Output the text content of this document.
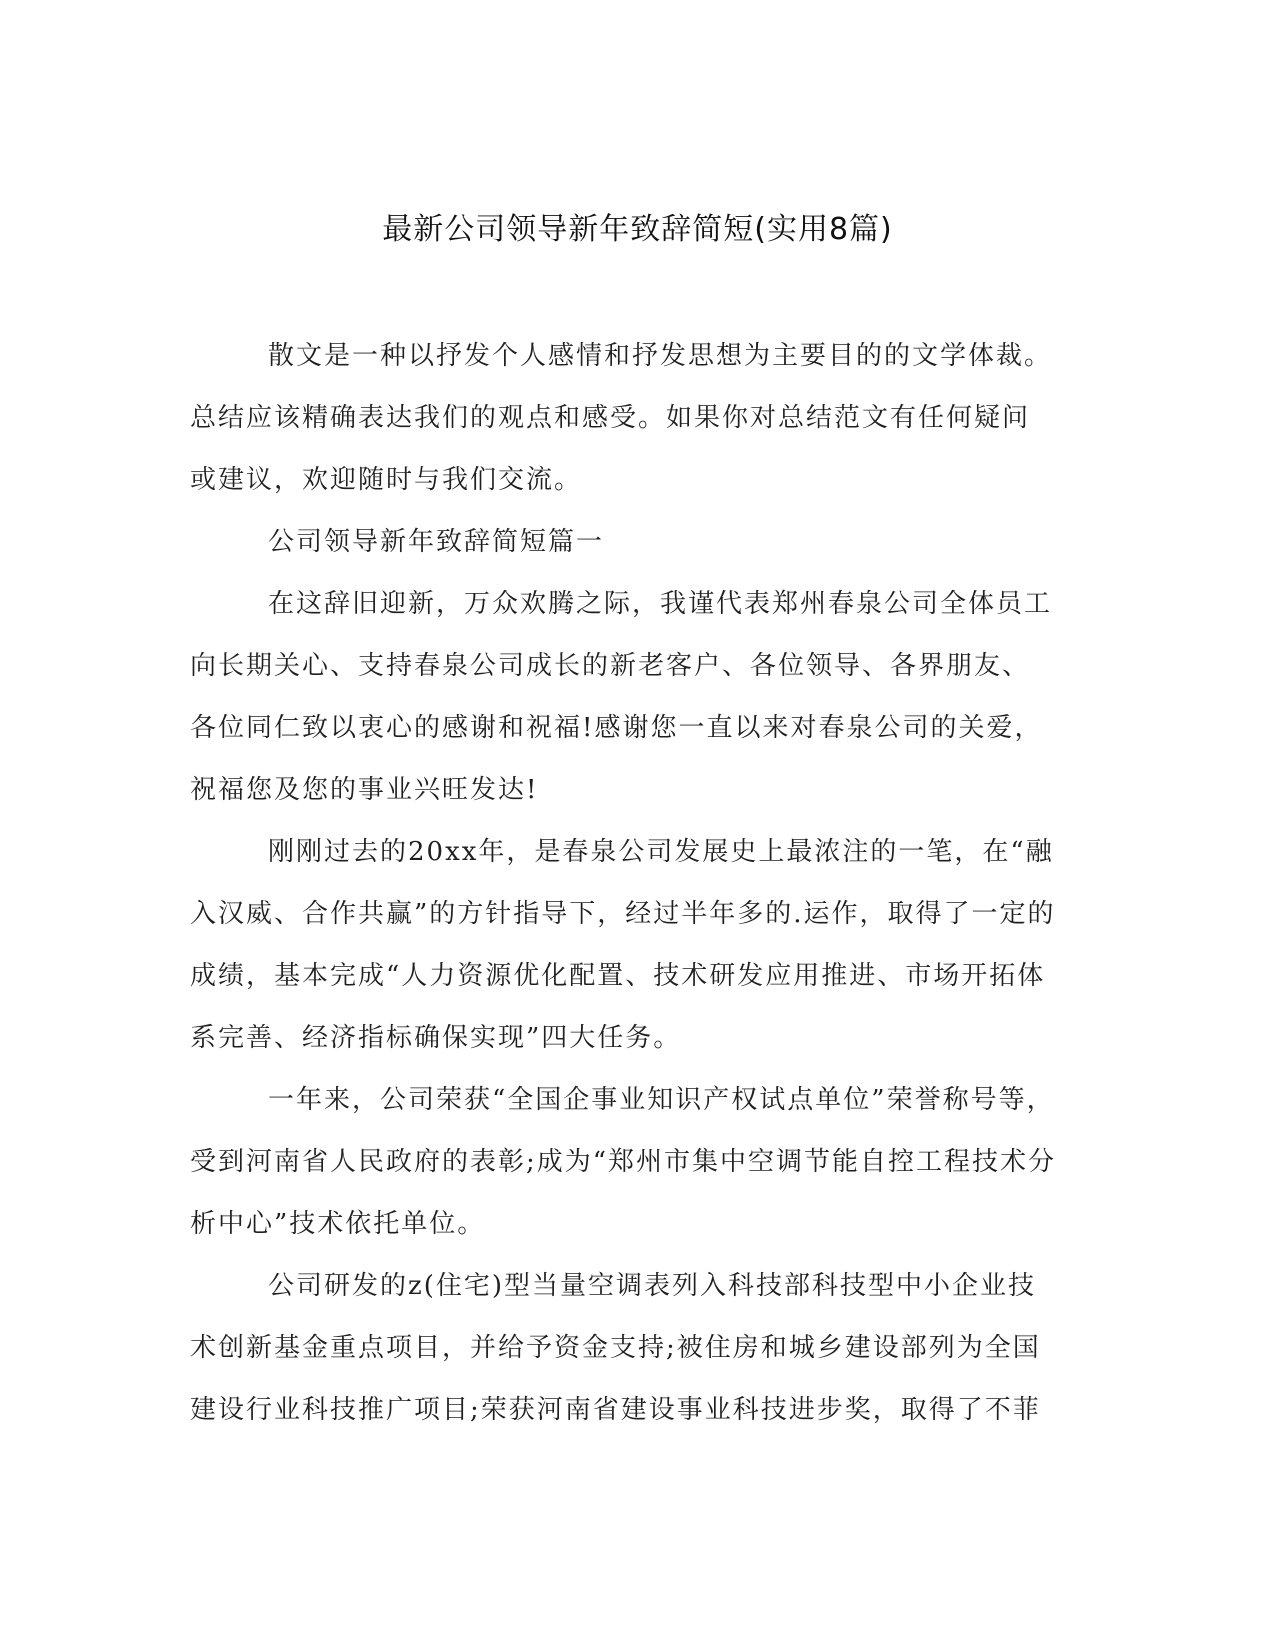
最新公司领导新年致辞简短(实用8篇)
散文是一种以抒发个人感情和抒发思想为主要目的的文学体裁。
总结应该精确表达我们的观点和感受。如果你对总结范文有任何疑问
或建议，欢迎随时与我们交流。
公司领导新年致辞简短篇一
在这辞旧迎新，万众欢腾之际，我谨代表郑州春泉公司全体员工
向长期关心、支持春泉公司成长的新老客户、各位领导、各界朋友、
各位同仁致以衷心的感谢和祝福!感谢您一直以来对春泉公司的关爱，
祝福您及您的事业兴旺发达!
刚刚过去的20xx年，是春泉公司发展史上最浓注的一笔，在“融
入汉威、合作共赢”的方针指导下，经过半年多的.运作，取得了一定的
成绩，基本完成“人力资源优化配置、技术研发应用推进、市场开拓体
系完善、经济指标确保实现”四大任务。
一年来，公司荣获“全国企事业知识产权试点单位”荣誉称号等，
受到河南省人民政府的表彰;成为“郑州市集中空调节能自控工程技术分
析中心”技术依托单位。
公司研发的z(住宅)型当量空调表列入科技部科技型中小企业技
术创新基金重点项目，并给予资金支持;被住房和城乡建设部列为全国
建设行业科技推广项目;荣获河南省建设事业科技进步奖，取得了不菲
